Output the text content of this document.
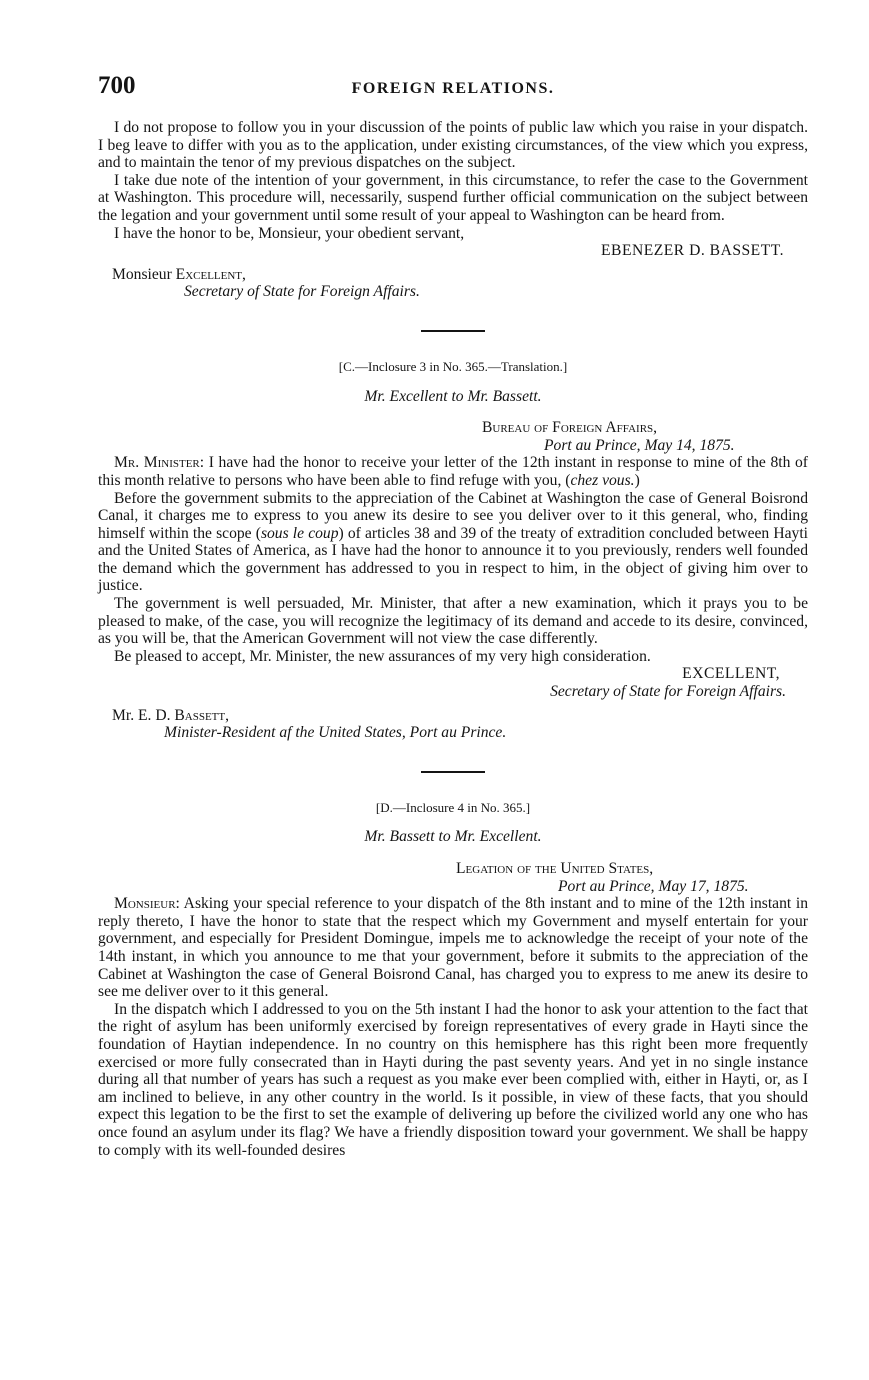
700	FOREIGN RELATIONS.

I do not propose to follow you in your discussion of the points of public law which you raise in your dispatch. I beg leave to differ with you as to the application, under existing circumstances, of the view which you express, and to maintain the tenor of my previous dispatches on the subject.

I take due note of the intention of your government, in this circumstance, to refer the case to the Government at Washington. This procedure will, necessarily, suspend further official communication on the subject between the legation and your government until some result of your appeal to Washington can be heard from.

I have the honor to be, Monsieur, your obedient servant,

EBENEZER D. BASSETT.

Monsieur Excellent,

Secretary of State for Foreign Affairs.

[C.—Inclosure 3 in No. 365.—Translation.]

Mr. Excellent to Mr. Bassett.

Bureau of Foreign Affairs,
Port au Prince, May 14, 1875.

Mr. Minister: I have had the honor to receive your letter of the 12th instant in response to mine of the 8th of this month relative to persons who have been able to find refuge with you, (chez vous.)

Before the government submits to the appreciation of the Cabinet at Washington the case of General Boisrond Canal, it charges me to express to you anew its desire to see you deliver over to it this general, who, finding himself within the scope (sous le coup) of articles 38 and 39 of the treaty of extradition concluded between Hayti and the United States of America, as I have had the honor to announce it to you previously, renders well founded the demand which the government has addressed to you in respect to him, in the object of giving him over to justice.

The government is well persuaded, Mr. Minister, that after a new examination, which it prays you to be pleased to make, of the case, you will recognize the legitimacy of its demand and accede to its desire, convinced, as you will be, that the American Government will not view the case differently.

Be pleased to accept, Mr. Minister, the new assurances of my very high consideration.

EXCELLENT,

Secretary of State for Foreign Affairs.

Mr. E. D. Bassett,

Minister-Resident af the United States, Port au Prince.

[D.—Inclosure 4 in No. 365.]

Mr. Bassett to Mr. Excellent.

Legation of the United States,
Port au Prince, May 17, 1875.

Monsieur: Asking your special reference to your dispatch of the 8th instant and to mine of the 12th instant in reply thereto, I have the honor to state that the respect which my Government and myself entertain for your government, and especially for President Domingue, impels me to acknowledge the receipt of your note of the 14th instant, in which you announce to me that your government, before it submits to the appreciation of the Cabinet at Washington the case of General Boisrond Canal, has charged you to express to me anew its desire to see me deliver over to it this general.

In the dispatch which I addressed to you on the 5th instant I had the honor to ask your attention to the fact that the right of asylum has been uniformly exercised by foreign representatives of every grade in Hayti since the foundation of Haytian independence. In no country on this hemisphere has this right been more frequently exercised or more fully consecrated than in Hayti during the past seventy years. And yet in no single instance during all that number of years has such a request as you make ever been complied with, either in Hayti, or, as I am inclined to believe, in any other country in the world. Is it possible, in view of these facts, that you should expect this legation to be the first to set the example of delivering up before the civilized world any one who has once found an asylum under its flag? We have a friendly disposition toward your government. We shall be happy to comply with its well-founded desires
